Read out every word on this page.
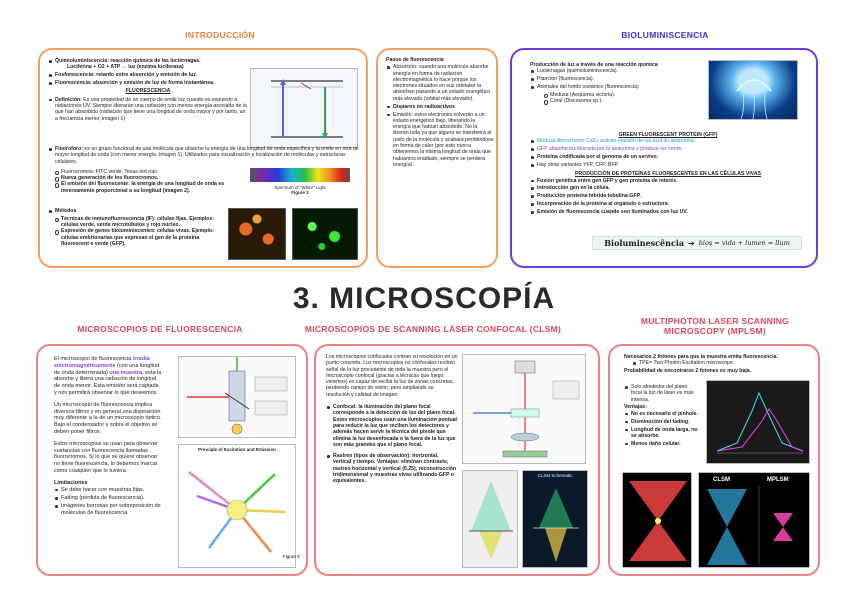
INTRODUCCIÓN	BIOLUMINISCENCIA
3. MICROSCOPÍA
MICROSCOPIOS DE FLUORESCENCIA	MICROSCOPIOS DE SCANNING LÁSER CONFOCAL (CLSM)
MULTIPHOTON LASER SCANNING MICROSCOPY (MPLSM)
Quimioluminiscencia: reacción química de las luciérnagas.
Luciferina + O2 + ATP → luz (enzima luciferasa)
Fosforescencia: retardo entre absorción y emisión de luz.
Fluorescencia: absorción y emisión de luz de forma instantánea.
FLUORESCENCIA
Definición: Es una propiedad de un cuerpo de emitir luz cuando es expuesto a radiaciones UV. Siempre liberarán una radiación con menos energía asociada de la que han absorbido (radiación que tiene una longitud de onda mayor y por tanto, un a frecuencia menor, imagen 1)
Fluoróforo: es un grupo funcional de una molécula que absorbe la energía de una longitud de onda específica y la emite en otra de mayor longitud de onda (con menor energía. Imagen 1). Utilizados para visualización y localización de moléculas y estructuras celulares.
Fluorocromos: FITC verde, Texas red rojo.
Nueva generación de los fluorocromos.
El emisión del fluorescente: la energía de una longitud de onda es inversamente proporcional a su longitud (imagen 2).
Spectrum of "White" Light
Figure 2
Métodos
Técnicas de inmunofluorescencia (IF): células fijas. Ejemplos: células verde, verde microtúbulos y rojo núcleo.
Expresión de genes bioluminiscentes: células vivas. Ejemplo: células embrionarias que expresan el gen de la proteína fluorescent e verde (GFP).
Pasos de fluorescencia
Absorción: cuando una molécula absorbe energía en forma de radiación electromagnética lo hace porque los electrones situados en sus orbitales la absorben pasando a un estado energético más elevado (orbital más elevado).
Disparos no radioactivos
Emisión: estos electrones volverán a un estado energético bajo, liberando la energía que habían absorbido. No la liberan toda ya que alguna se transferirá al resto de la molécula y acabará perdiéndose en forma de calor (por esto nunca obtenemos la misma longitud de onda que habíamos irradiado, siempre se perderá energía).
Producción de luz a través de una reacción química
Luciérnagas (quimioluminiscencia).
Plancton (fluorescencia).
Animales del fondo oceánico (fluorescencia)
Medusa (Aequorea victoria).
Coral (Discosoma sp.).
GREEN FLUORESCENT PROTEIN (GFP)
Medusa liberal iones Ca2+ activan emisión de luz azul de aequorina.
GFP absorbe luz liberada por la aequorina y produce luz verde.
Proteína codificada por el genoma de un servivo.
Hay otras variantes YFP, CFP, BFP.
PRODUCCIÓN DE PROTEÍNAS FLUORESCENTES EN LAS CÉLULAS VIVAS
Fusión genética entre gen GFP y gen proteína de interés.
Introducción gen en la célula.
Producción proteína híbrida tubulina-GFP.
Incorporación de la proteína al orgánulo o estructura.
Emisión de fluorescencia cuando son iluminados con luz UV.
Bioluminescência ➔ bios = vida + lumen = llum

El microscopio de fluorescencia irradia electromagnéticamente (con una longitud de onda determinada) una muestra, esta la absorbe y libera una radiación de longitud de onda menor. Esta emisión será captada y nos permitirá observar lo que deseemos.

Un microscopio de fluorescencia implica diversos filtros y en general una disposición muy diferente a la de un microscopio óptico. Bajo el condensador y sobre el objetivo se deben poner filtros.

Estos microscopios se usan para observar sustancias con fluorescencia llamadas fluorocromos. Si lo que se quiere observar no tiene fluorescencia, lo debemos marcar como cualquier que lo tuviera.

Limitaciones

Se debe hacer con muestras fijas.
Fading (pérdida de fluorescencia).
Imágenes borrosas por sobreposición de moléculas de fluorescencia
Principle of Excitation and Emission
Figure 3

Los microscopios confocales contran su resolución en un punto concreto. Los microscopios no confocales reciben señal de la luz procedente de toda la muestra pero el microscopio confocal (gracias a técnicas que luego veremos) es capaz de recibir la luz de zonas concretas, perdiendo campo de visión, pero ampliando su resolución y calidad de imagen.

Confocal: la iluminación del plano focal corresponde a la detección de luz del plano focal. Estos microscopios usan una iluminación puntual para reducir la luz que reciben los detectores y además hacen servir la técnica del pinole que elimina la luz desenfocada o la fuera de la luz que son más grandes que el plano focal.
Rastreo (tipos de observación): horizontal, vertical y tiempo. Ventajas: eliminan contraste, rastreo horizontal y vertical (0.25), reconstrucción tridimensional y muestras vivas utilizando GFP o equivalentes.
CLSM Schematic

Necesarios 2 fotones para que la muestra emita fluorescencia.

TPE= Two Photon Excitation microscope.

Probabilidad de encontrarse 2 fotones es muy baja.

Solo alrededor del plano focal la luz de láser es más intensa.
Ventajas:
No es necesario el pinhole.
Disminución del fading.
Longitud de onda larga, no se absorbe.
Menos daño celular.
CLSM	MPLSM
